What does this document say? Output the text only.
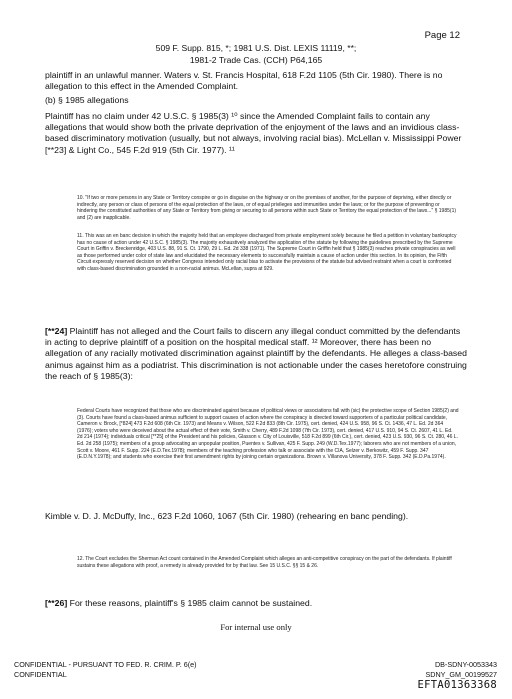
Page 12
509 F. Supp. 815, *; 1981 U.S. Dist. LEXIS 11119, **;
1981-2 Trade Cas. (CCH) P64,165

plaintiff in an unlawful manner. Waters v. St. Francis Hospital, 618 F.2d 1105 (5th Cir. 1980). There is no allegation to this effect in the Amended Complaint.

(b) § 1985 allegations

Plaintiff has no claim under 42 U.S.C. § 1985(3) ¹⁰ since the Amended Complaint fails to contain any allegations that would show both the private deprivation of the enjoyment of the laws and an invidious class-based discriminatory motivation (usually, but not always, involving racial bias). McLellan v. Mississippi Power [**23] & Light Co., 545 F.2d 919 (5th Cir. 1977). ¹¹

10. "If two or more persons in any State or Territory conspire or go in disguise on the highway or on the premises of another, for the purpose of depriving, either directly or indirectly, any person or class of persons of the equal protection of the laws, or of equal privileges and immunities under the laws; or for the purpose of preventing or hindering the constituted authorities of any State or Territory from giving or securing to all persons within such State or Territory the equal protection of the laws..." § 1985(1) and (2) are inapplicable.

11. This was an en banc decision in which the majority held that an employee discharged from private employment solely because he filed a petition in voluntary bankruptcy has no cause of action under 42 U.S.C. § 1985(3). The majority exhaustively analyzed the application of the statute by following the guidelines prescribed by the Supreme Court in Griffin v. Breckenridge, 403 U.S. 88, 91 S. Ct. 1790, 29 L. Ed. 2d 338 (1971). The Supreme Court in Griffin held that § 1985(3) reaches private conspiracies as well as those performed under color of state law and elucidated the necessary elements to successfully maintain a cause of action under this section. In its opinion, the Fifth Circuit expressly reserved decision on whether Congress intended only racial bias to activate the provisions of the statute but advised restraint when a court is confronted with class-based discrimination grounded in a non-racial animus. McLellan, supra at 929.

[**24] Plaintiff has not alleged and the Court fails to discern any illegal conduct committed by the defendants in acting to deprive plaintiff of a position on the hospital medical staff. ¹² Moreover, there has been no allegation of any racially motivated discrimination against plaintiff by the defendants. He alleges a class-based animus against him as a podiatrist. This discrimination is not actionable under the cases heretofore construing the reach of § 1985(3):

Federal Courts have recognized that those who are discriminated against because of political views or associations fall with (sic) the protective scope of Section 1985(2) and (3). Courts have found a class-based animus sufficient to support causes of action where the conspiracy is directed toward supporters of a particular political candidate, Cameron v. Brock, [*824] 473 F.2d 608 (6th Cir. 1973) and Means v. Wilson, 522 F.2d 833 (8th Cir. 1975), cert. denied, 424 U.S. 958, 96 S. Ct. 1436, 47 L. Ed. 2d 364 (1976); voters who were deceived about the actual effect of their vote, Smith v. Cherry, 489 F.2d 1098 (7th Cir. 1973), cert. denied, 417 U.S. 910, 94 S. Ct. 2607, 41 L. Ed. 2d 214 (1974); individuals critical [**25] of the President and his policies, Glasson v. City of Louisville, 518 F.2d 899 (6th Cir.), cert. denied, 423 U.S. 930, 96 S. Ct. 280, 46 L. Ed. 2d 258 (1975); members of a group advocating an unpopular position, Puentes v. Sullivan, 425 F. Supp. 249 (W.D.Tex.1977); laborers who are not members of a union, Scott v. Moore, 461 F. Supp. 224 (E.D.Tex.1978); members of the teaching profession who talk or associate with the CIA, Selzer v. Berkowitz, 459 F. Supp. 347 (E.D.N.Y.1978); and students who exercise their first amendment rights by joining certain organizations. Brown v. Villanova University, 378 F. Supp. 342 (E.D.Pa.1974).

Kimble v. D. J. McDuffy, Inc., 623 F.2d 1060, 1067 (5th Cir. 1980) (rehearing en banc pending).

12. The Court excludes the Sherman Act count contained in the Amended Complaint which alleges an anti-competitive conspiracy on the part of the defendants. If plaintiff sustains these allegations with proof, a remedy is already provided for by that law. See 15 U.S.C. §§ 15 & 26.

[**26] For these reasons, plaintiff's § 1985 claim cannot be sustained.

For internal use only
CONFIDENTIAL - PURSUANT TO FED. R. CRIM. P. 6(e)
CONFIDENTIAL
DB-SDNY-0053343
SDNY_GM_00199527
EFTA01363368
